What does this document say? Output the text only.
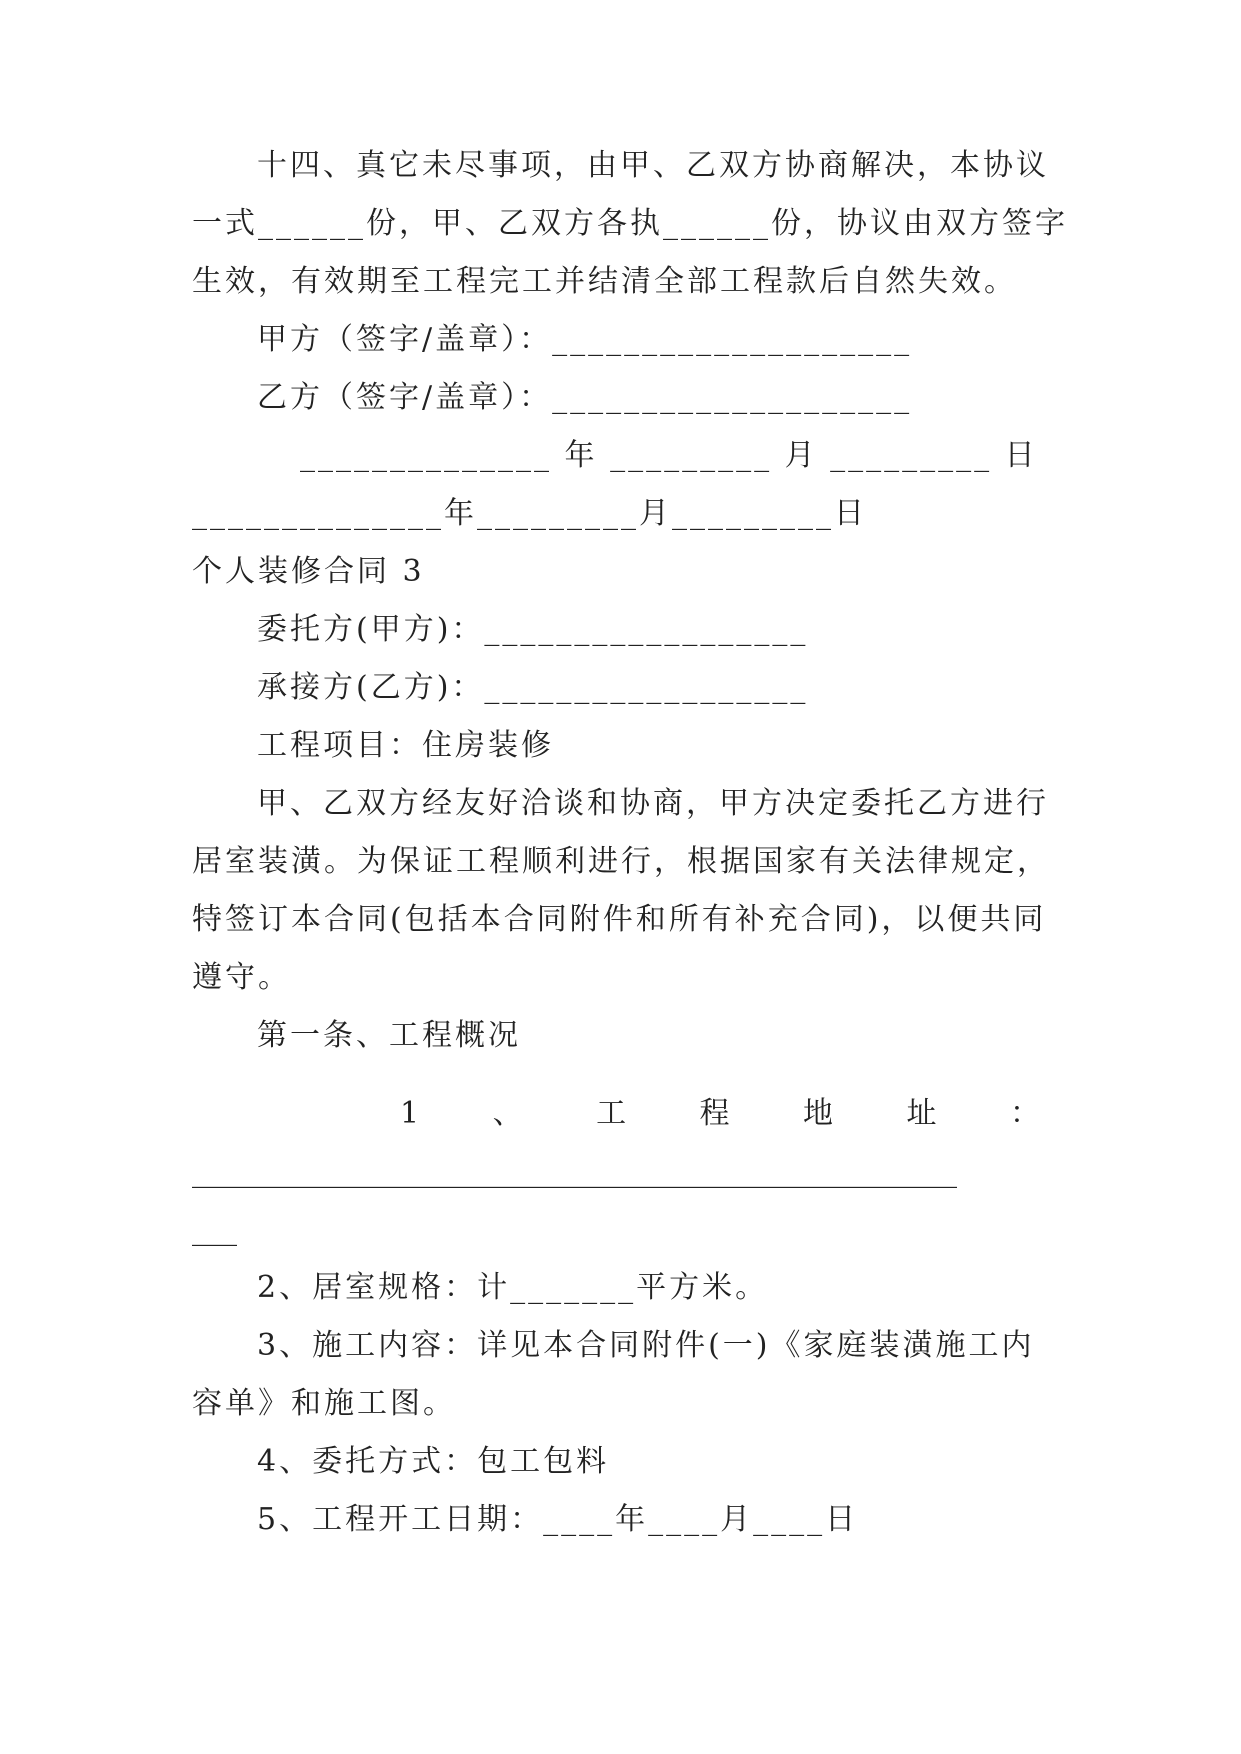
十四、真它未尽事项，由甲、乙双方协商解决，本协议
一式______份，甲、乙双方各执______份，协议由双方签字
生效，有效期至工程完工并结清全部工程款后自然失效。
甲方（签字/盖章）：____________________
乙方（签字/盖章）：____________________
______________ 年 _________ 月 _________ 日
______________年_________月_________日
个人装修合同 3
委托方(甲方)：__________________
承接方(乙方)：__________________
工程项目：住房装修
甲、乙双方经友好洽谈和协商，甲方决定委托乙方进行
居室装潢。为保证工程顺利进行，根据国家有关法律规定，
特签订本合同(包括本合同附件和所有补充合同)，以便共同
遵守。
第一条、工程概况
1 、 工 程 地 址 ：
___________________________________________________
___
2、居室规格：计_______平方米。
3、施工内容：详见本合同附件(一)《家庭装潢施工内
容单》和施工图。
4、委托方式：包工包料
5、工程开工日期：____年____月____日
